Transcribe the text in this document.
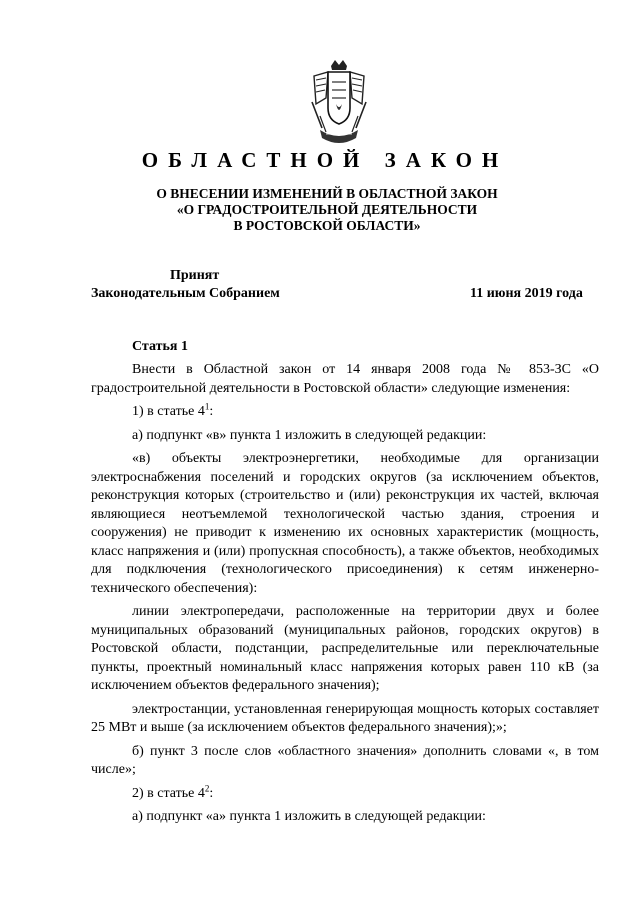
ОБЛАСТНОЙ ЗАКОН
О ВНЕСЕНИИ ИЗМЕНЕНИЙ В ОБЛАСТНОЙ ЗАКОН
«О ГРАДОСТРОИТЕЛЬНОЙ ДЕЯТЕЛЬНОСТИ
В РОСТОВСКОЙ ОБЛАСТИ»
Принят
Законодательным Собранием	11 июня 2019 года
Статья 1

Внести в Областной закон от 14 января 2008 года № 853-ЗС «О градостроительной деятельности в Ростовской области» следующие изменения:

1) в статье $4^1$:

а) подпункт «в» пункта 1 изложить в следующей редакции:

«в) объекты электроэнергетики, необходимые для организации электроснабжения поселений и городских округов (за исключением объектов, реконструкция которых (строительство и (или) реконструкция их частей, включая являющиеся неотъемлемой технологической частью здания, строения и сооружения) не приводит к изменению их основных характеристик (мощность, класс напряжения и (или) пропускная способность), а также объектов, необходимых для подключения (технологического присоединения) к сетям инженерно-технического обеспечения):

линии электропередачи, расположенные на территории двух и более муниципальных образований (муниципальных районов, городских округов) в Ростовской области, подстанции, распределительные или переключательные пункты, проектный номинальный класс напряжения которых равен 110 кВ (за исключением объектов федерального значения);

электростанции, установленная генерирующая мощность которых составляет 25 МВт и выше (за исключением объектов федерального значения);»;

б) пункт 3 после слов «областного значения» дополнить словами «, в том числе»;

2) в статье $4^2$:

а) подпункт «а» пункта 1 изложить в следующей редакции:
